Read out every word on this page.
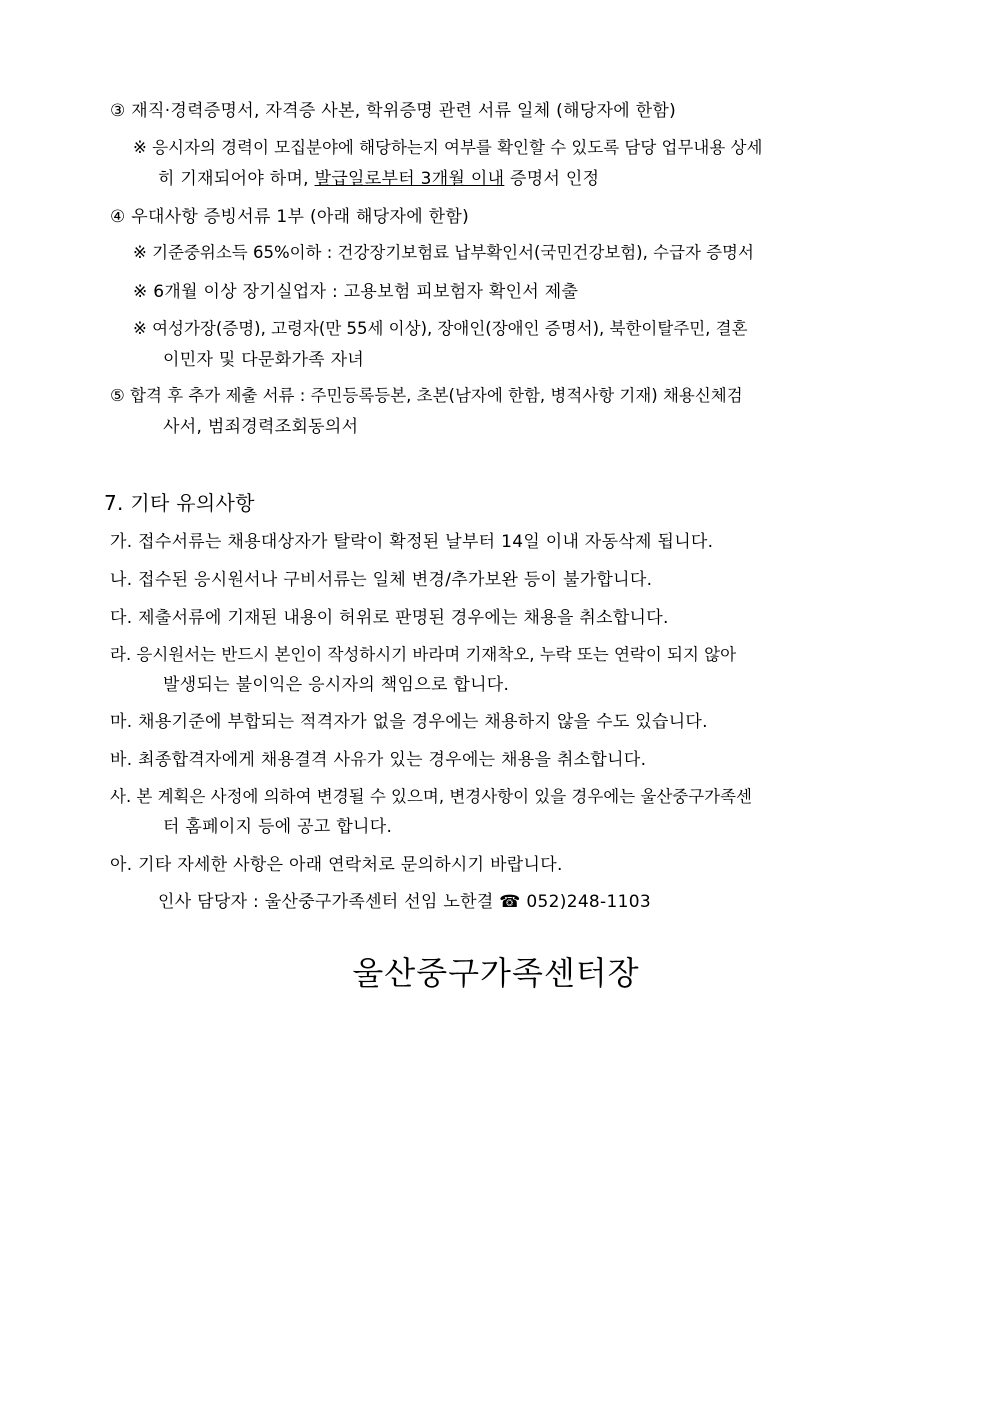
③ 재직·경력증명서, 자격증 사본, 학위증명 관련 서류 일체 (해당자에 한함)
※ 응시자의 경력이 모집분야에 해당하는지 여부를 확인할 수 있도록 담당 업무내용 상세
히 기재되어야 하며, 발급일로부터 3개월 이내 증명서 인정
④ 우대사항 증빙서류 1부 (아래 해당자에 한함)
※ 기준중위소득 65%이하 : 건강장기보험료 납부확인서(국민건강보험), 수급자 증명서
※ 6개월 이상 장기실업자 : 고용보험 피보험자 확인서 제출
※ 여성가장(증명), 고령자(만 55세 이상), 장애인(장애인 증명서), 북한이탈주민, 결혼
이민자 및 다문화가족 자녀
⑤ 합격 후 추가 제출 서류 : 주민등록등본, 초본(남자에 한함, 병적사항 기재) 채용신체검
사서, 범죄경력조회동의서
7. 기타 유의사항
가. 접수서류는 채용대상자가 탈락이 확정된 날부터 14일 이내 자동삭제 됩니다.
나. 접수된 응시원서나 구비서류는 일체 변경/추가보완 등이 불가합니다.
다. 제출서류에 기재된 내용이 허위로 판명된 경우에는 채용을 취소합니다.
라. 응시원서는 반드시 본인이 작성하시기 바라며 기재착오, 누락 또는 연락이 되지 않아
발생되는 불이익은 응시자의 책임으로 합니다.
마. 채용기준에 부합되는 적격자가 없을 경우에는 채용하지 않을 수도 있습니다.
바. 최종합격자에게 채용결격 사유가 있는 경우에는 채용을 취소합니다.
사. 본 계획은 사정에 의하여 변경될 수 있으며, 변경사항이 있을 경우에는 울산중구가족센
터 홈페이지 등에 공고 합니다.
아. 기타 자세한 사항은 아래 연락처로 문의하시기 바랍니다.
인사 담당자 : 울산중구가족센터 선임 노한결 ☎ 052)248-1103
울산중구가족센터장
